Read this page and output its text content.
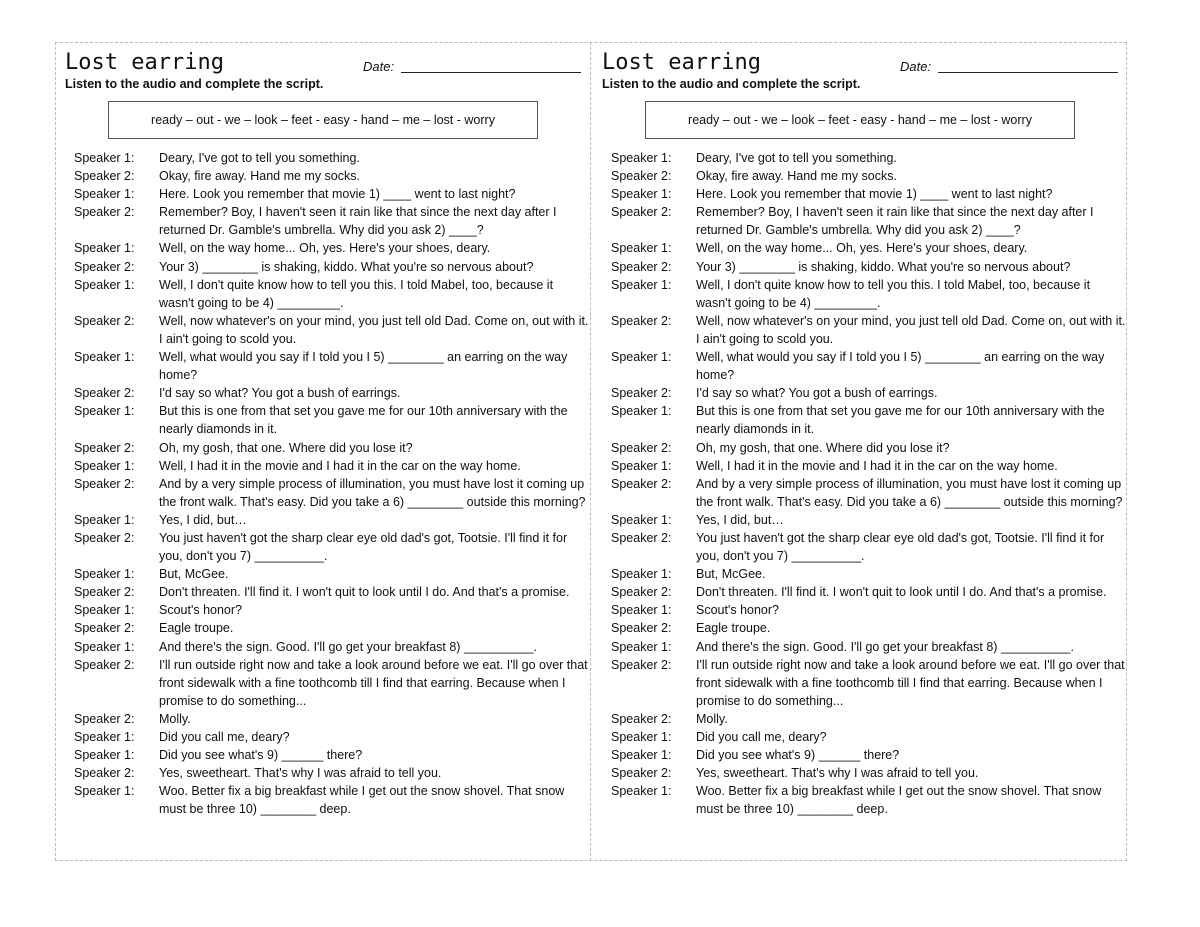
Lost earring	Date:
Listen to the audio and complete the script.
ready – out - we – look – feet - easy - hand – me – lost - worry
Speaker 1:	Deary, I've got to tell you something.
Speaker 2:	Okay, fire away. Hand me my socks.
Speaker 1:	Here. Look you remember that movie 1) ____ went to last night?
Speaker 2:	Remember? Boy, I haven't seen it rain like that since the next day after I returned Dr. Gamble's umbrella. Why did you ask 2) ____?
Speaker 1:	Well, on the way home... Oh, yes. Here's your shoes, deary.
Speaker 2:	Your 3) ________ is shaking, kiddo. What you're so nervous about?
Speaker 1:	Well, I don't quite know how to tell you this. I told Mabel, too, because it wasn't going to be 4) _________.
Speaker 2:	Well, now whatever's on your mind, you just tell old Dad. Come on, out with it. I ain't going to scold you.
Speaker 1:	Well, what would you say if I told you I 5) ________ an earring on the way home?
Speaker 2:	I'd say so what? You got a bush of earrings.
Speaker 1:	But this is one from that set you gave me for our 10th anniversary with the nearly diamonds in it.
Speaker 2:	Oh, my gosh, that one. Where did you lose it?
Speaker 1:	Well, I had it in the movie and I had it in the car on the way home.
Speaker 2:	And by a very simple process of illumination, you must have lost it coming up the front walk. That's easy. Did you take a 6) ________ outside this morning?
Speaker 1:	Yes, I did, but…
Speaker 2:	You just haven't got the sharp clear eye old dad's got, Tootsie. I'll find it for you, don't you 7) __________.
Speaker 1:	But, McGee.
Speaker 2:	Don't threaten. I'll find it. I won't quit to look until I do. And that's a promise.
Speaker 1:	Scout's honor?
Speaker 2:	Eagle troupe.
Speaker 1:	And there's the sign. Good. I'll go get your breakfast 8) __________.
Speaker 2:	I'll run outside right now and take a look around before we eat. I'll go over that front sidewalk with a fine toothcomb till I find that earring. Because when I promise to do something...
Speaker 2:	Molly.
Speaker 1:	Did you call me, deary?
Speaker 1:	Did you see what's 9) ______ there?
Speaker 2:	Yes, sweetheart. That's why I was afraid to tell you.
Speaker 1:	Woo. Better fix a big breakfast while I get out the snow shovel. That snow must be three 10) ________ deep.
Lost earring	Date:
Listen to the audio and complete the script.
ready – out - we – look – feet - easy - hand – me – lost - worry
Speaker 1:	Deary, I've got to tell you something.
Speaker 2:	Okay, fire away. Hand me my socks.
Speaker 1:	Here. Look you remember that movie 1) ____ went to last night?
Speaker 2:	Remember? Boy, I haven't seen it rain like that since the next day after I returned Dr. Gamble's umbrella. Why did you ask 2) ____?
Speaker 1:	Well, on the way home... Oh, yes. Here's your shoes, deary.
Speaker 2:	Your 3) ________ is shaking, kiddo. What you're so nervous about?
Speaker 1:	Well, I don't quite know how to tell you this. I told Mabel, too, because it wasn't going to be 4) _________.
Speaker 2:	Well, now whatever's on your mind, you just tell old Dad. Come on, out with it. I ain't going to scold you.
Speaker 1:	Well, what would you say if I told you I 5) ________ an earring on the way home?
Speaker 2:	I'd say so what? You got a bush of earrings.
Speaker 1:	But this is one from that set you gave me for our 10th anniversary with the nearly diamonds in it.
Speaker 2:	Oh, my gosh, that one. Where did you lose it?
Speaker 1:	Well, I had it in the movie and I had it in the car on the way home.
Speaker 2:	And by a very simple process of illumination, you must have lost it coming up the front walk. That's easy. Did you take a 6) ________ outside this morning?
Speaker 1:	Yes, I did, but…
Speaker 2:	You just haven't got the sharp clear eye old dad's got, Tootsie. I'll find it for you, don't you 7) __________.
Speaker 1:	But, McGee.
Speaker 2:	Don't threaten. I'll find it. I won't quit to look until I do. And that's a promise.
Speaker 1:	Scout's honor?
Speaker 2:	Eagle troupe.
Speaker 1:	And there's the sign. Good. I'll go get your breakfast 8) __________.
Speaker 2:	I'll run outside right now and take a look around before we eat. I'll go over that front sidewalk with a fine toothcomb till I find that earring. Because when I promise to do something...
Speaker 2:	Molly.
Speaker 1:	Did you call me, deary?
Speaker 1:	Did you see what's 9) ______ there?
Speaker 2:	Yes, sweetheart. That's why I was afraid to tell you.
Speaker 1:	Woo. Better fix a big breakfast while I get out the snow shovel. That snow must be three 10) ________ deep.
